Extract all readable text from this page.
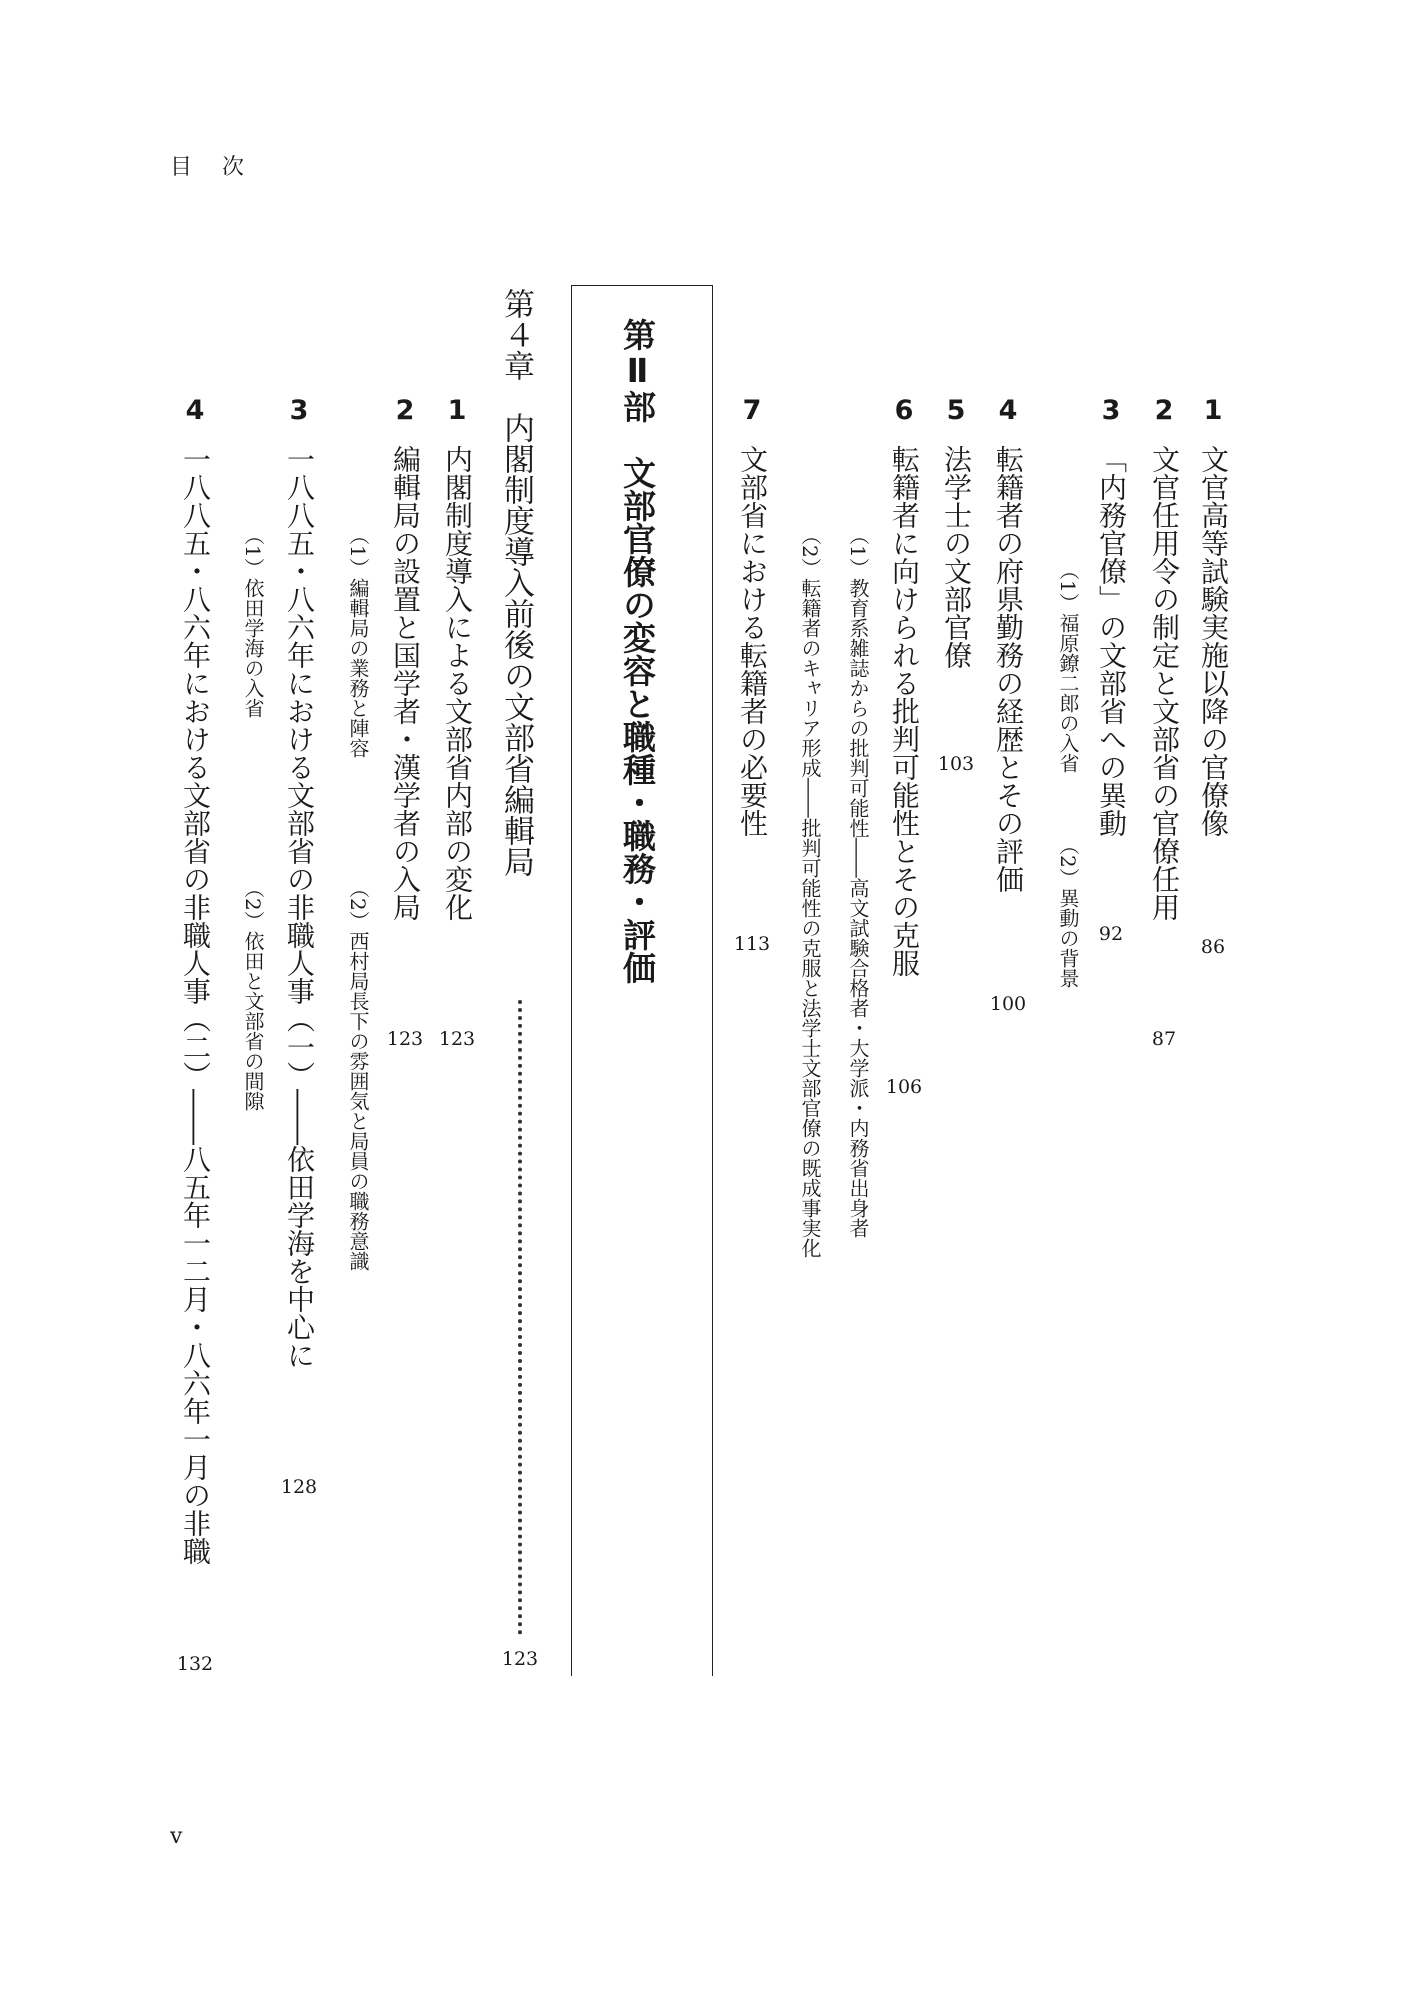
目次
1
文官高等試験実施以降の官僚像
86
2
文官任用令の制定と文部省の官僚任用
87
3
「内務官僚」の文部省への異動
92
（1）福原鐐二郎の入省
（2）異動の背景
4
転籍者の府県勤務の経歴とその評価
100
5
法学士の文部官僚
103
6
転籍者に向けられる批判可能性とその克服
106
（1）教育系雑誌からの批判可能性――高文試験合格者・大学派・内務省出身者
（2）転籍者のキャリア形成――批判可能性の克服と法学士文部官僚の既成事実化
7
文部省における転籍者の必要性
113
第Ⅱ部　文部官僚の変容と職種・職務・評価
第４章　内閣制度導入前後の文部省編輯局
123
1
内閣制度導入による文部省内部の変化
123
2
編輯局の設置と国学者・漢学者の入局
123
（1）編輯局の業務と陣容
（2）西村局長下の雰囲気と局員の職務意識
3
一八八五・八六年における文部省の非職人事（一）――依田学海を中心に
128
（1）依田学海の入省
（2）依田と文部省の間隙
4
一八八五・八六年における文部省の非職人事（二）――八五年一二月・八六年一月の非職
132
v
